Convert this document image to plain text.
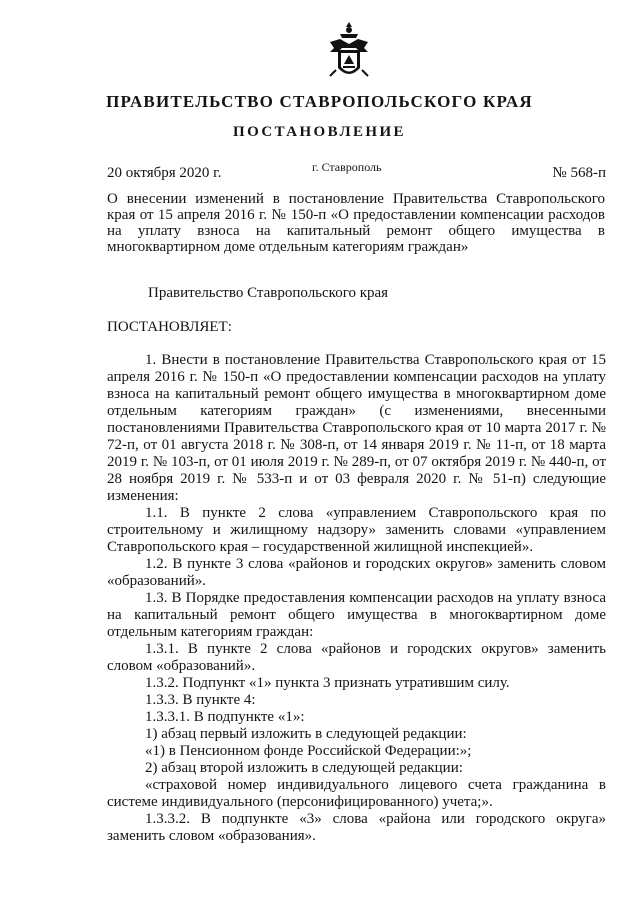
ПРАВИТЕЛЬСТВО СТАВРОПОЛЬСКОГО КРАЯ
ПОСТАНОВЛЕНИЕ
20 октября 2020 г.	г. Ставрополь	№ 568-п

О внесении изменений в постановление Правительства Ставропольского края от 15 апреля 2016 г. № 150-п «О предоставлении компенсации расходов на уплату взноса на капитальный ремонт общего имущества в многоквартирном доме отдельным категориям граждан»

Правительство Ставропольского края

ПОСТАНОВЛЯЕТ:

1. Внести в постановление Правительства Ставропольского края от 15 апреля 2016 г. № 150-п «О предоставлении компенсации расходов на уплату взноса на капитальный ремонт общего имущества в многоквартирном доме отдельным категориям граждан» (с изменениями, внесенными постановлениями Правительства Ставропольского края от 10 марта 2017 г. № 72-п, от 01 августа 2018 г. № 308-п, от 14 января 2019 г. № 11-п, от 18 марта 2019 г. № 103-п, от 01 июля 2019 г. № 289-п, от 07 октября 2019 г. № 440-п, от 28 ноября 2019 г. № 533-п и от 03 февраля 2020 г. № 51-п) следующие изменения:

1.1. В пункте 2 слова «управлением Ставропольского края по строительному и жилищному надзору» заменить словами «управлением Ставропольского края – государственной жилищной инспекцией».

1.2. В пункте 3 слова «районов и городских округов» заменить словом «образований».

1.3. В Порядке предоставления компенсации расходов на уплату взноса на капитальный ремонт общего имущества в многоквартирном доме отдельным категориям граждан:

1.3.1. В пункте 2 слова «районов и городских округов» заменить словом «образований».

1.3.2. Подпункт «1» пункта 3 признать утратившим силу.

1.3.3. В пункте 4:

1.3.3.1. В подпункте «1»:

1) абзац первый изложить в следующей редакции:

«1) в Пенсионном фонде Российской Федерации:»;

2) абзац второй изложить в следующей редакции:

«страховой номер индивидуального лицевого счета гражданина в системе индивидуального (персонифицированного) учета;».

1.3.3.2. В подпункте «3» слова «района или городского округа» заменить словом «образования».
